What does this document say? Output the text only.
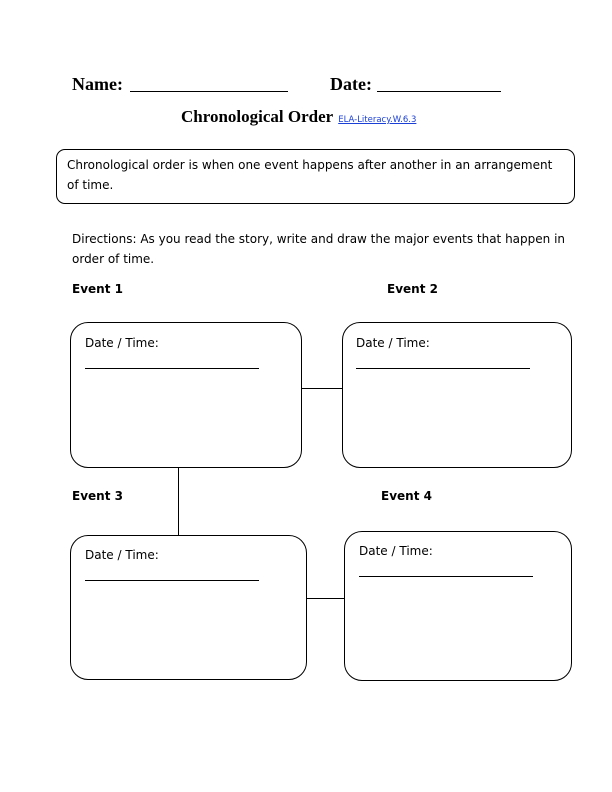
Name:	Date:
Chronological Order ELA-Literacy.W.6.3
Chronological order is when one event happens after another in an arrangement of time.
Directions: As you read the story, write and draw the major events that happen in order of time.
Event 1	Event 2
Event 3	Event 4
Date / Time:	Date / Time:
Date / Time:	Date / Time:
